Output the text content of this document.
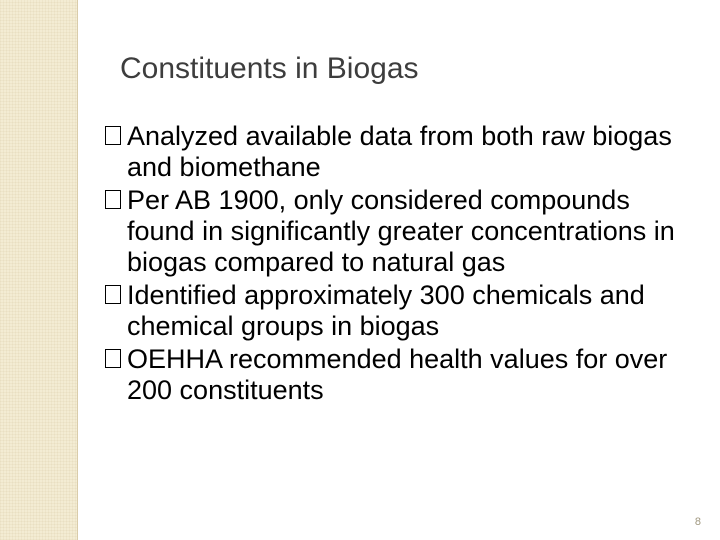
Constituents in Biogas
Analyzed available data from both raw biogas and biomethane
Per AB 1900, only considered compounds found in significantly greater concentrations in biogas compared to natural gas
Identified approximately 300 chemicals and chemical groups in biogas
OEHHA recommended health values for over 200 constituents
8
